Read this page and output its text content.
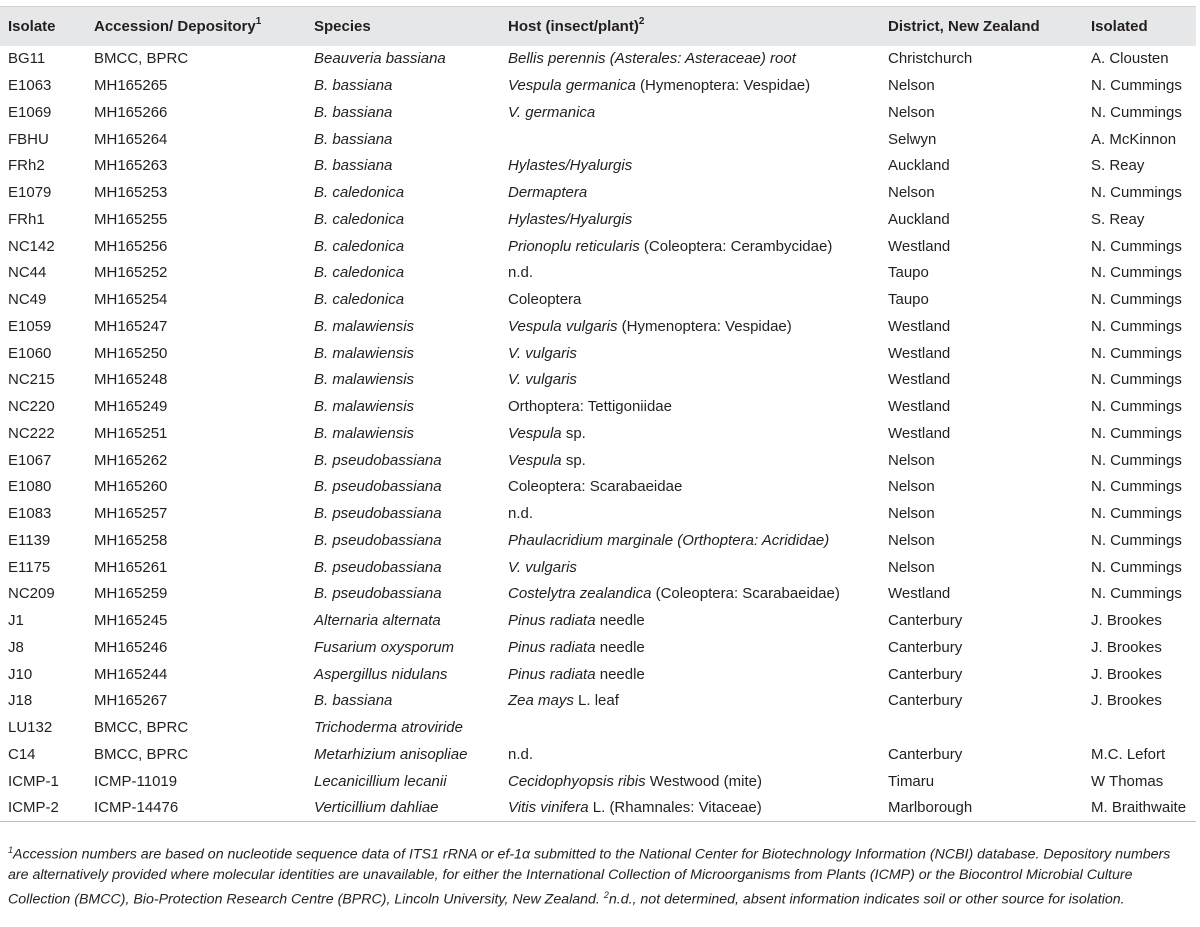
Isolate	Accession/ Depository$^1$	Species	Host (insect/plant)$^2$	District, New Zealand	Isolated
BG11	BMCC, BPRC	Beauveria bassiana	Bellis perennis (Asterales: Asteraceae) root	Christchurch	A. Clousten
E1063	MH165265	B. bassiana	Vespula germanica (Hymenoptera: Vespidae)	Nelson	N. Cummings
E1069	MH165266	B. bassiana	V. germanica	Nelson	N. Cummings
FBHU	MH165264	B. bassiana		Selwyn	A. McKinnon
FRh2	MH165263	B. bassiana	Hylastes/Hyalurgis	Auckland	S. Reay
E1079	MH165253	B. caledonica	Dermaptera	Nelson	N. Cummings
FRh1	MH165255	B. caledonica	Hylastes/Hyalurgis	Auckland	S. Reay
NC142	MH165256	B. caledonica	Prionoplu reticularis (Coleoptera: Cerambycidae)	Westland	N. Cummings
NC44	MH165252	B. caledonica	n.d.	Taupo	N. Cummings
NC49	MH165254	B. caledonica	Coleoptera	Taupo	N. Cummings
E1059	MH165247	B. malawiensis	Vespula vulgaris (Hymenoptera: Vespidae)	Westland	N. Cummings
E1060	MH165250	B. malawiensis	V. vulgaris	Westland	N. Cummings
NC215	MH165248	B. malawiensis	V. vulgaris	Westland	N. Cummings
NC220	MH165249	B. malawiensis	Orthoptera: Tettigoniidae	Westland	N. Cummings
NC222	MH165251	B. malawiensis	Vespula sp.	Westland	N. Cummings
E1067	MH165262	B. pseudobassiana	Vespula sp.	Nelson	N. Cummings
E1080	MH165260	B. pseudobassiana	Coleoptera: Scarabaeidae	Nelson	N. Cummings
E1083	MH165257	B. pseudobassiana	n.d.	Nelson	N. Cummings
E1139	MH165258	B. pseudobassiana	Phaulacridium marginale (Orthoptera: Acrididae)	Nelson	N. Cummings
E1175	MH165261	B. pseudobassiana	V. vulgaris	Nelson	N. Cummings
NC209	MH165259	B. pseudobassiana	Costelytra zealandica (Coleoptera: Scarabaeidae)	Westland	N. Cummings
J1	MH165245	Alternaria alternata	Pinus radiata needle	Canterbury	J. Brookes
J8	MH165246	Fusarium oxysporum	Pinus radiata needle	Canterbury	J. Brookes
J10	MH165244	Aspergillus nidulans	Pinus radiata needle	Canterbury	J. Brookes
J18	MH165267	B. bassiana	Zea mays L. leaf	Canterbury	J. Brookes
LU132	BMCC, BPRC	Trichoderma atroviride			
C14	BMCC, BPRC	Metarhizium anisopliae	n.d.	Canterbury	M.C. Lefort
ICMP-1	ICMP-11019	Lecanicillium lecanii	Cecidophyopsis ribis Westwood (mite)	Timaru	W Thomas
ICMP-2	ICMP-14476	Verticillium dahliae	Vitis vinifera L. (Rhamnales: Vitaceae)	Marlborough	M. Braithwaite
$^1$Accession numbers are based on nucleotide sequence data of ITS1 rRNA or ef-1α submitted to the National Center for Biotechnology Information (NCBI) database. Depository numbers are alternatively provided where molecular identities are unavailable, for either the International Collection of Microorganisms from Plants (ICMP) or the Biocontrol Microbial Culture Collection (BMCC), Bio-Protection Research Centre (BPRC), Lincoln University, New Zealand. $^2$n.d., not determined, absent information indicates soil or other source for isolation.
